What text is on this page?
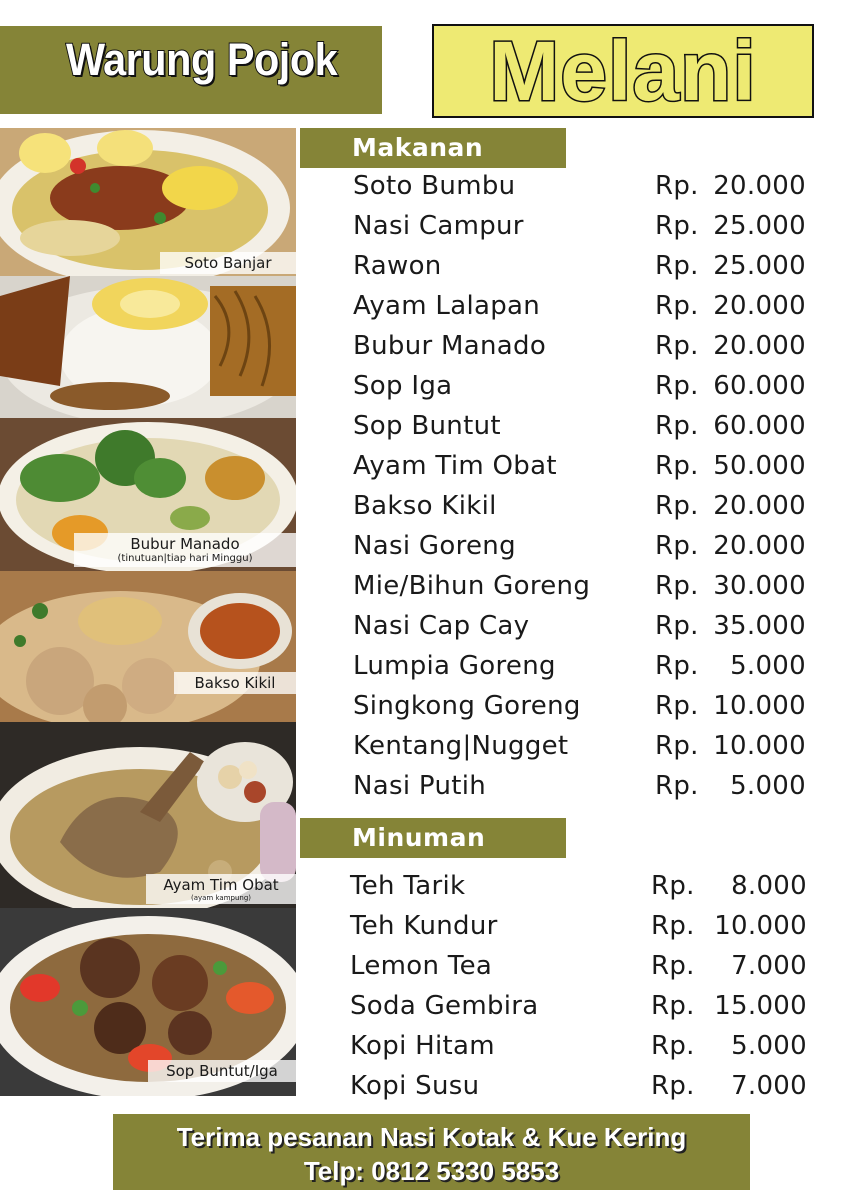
Warung Pojok Melani
Soto Banjar
Bubur Manado
(tinutuan|tiap hari Minggu)
Bakso Kikil
Ayam Tim Obat
(ayam kampung)
Sop Buntut/Iga
Makanan
Soto Bumbu	Rp. 20.000
Nasi Campur	Rp. 25.000
Rawon	Rp. 25.000
Ayam Lalapan	Rp. 20.000
Bubur Manado	Rp. 20.000
Sop Iga	Rp. 60.000
Sop Buntut	Rp. 60.000
Ayam Tim Obat	Rp. 50.000
Bakso Kikil	Rp. 20.000
Nasi Goreng	Rp. 20.000
Mie/Bihun Goreng Rp. 30.000
Nasi Cap Cay	Rp. 35.000
Lumpia Goreng	Rp. 5.000
Singkong Goreng	Rp. 10.000
Kentang|Nugget	Rp. 10.000
Nasi Putih	Rp. 5.000
Minuman
Teh Tarik	Rp. 8.000
Teh Kundur	Rp. 10.000
Lemon Tea	Rp. 7.000
Soda Gembira	Rp. 15.000
Kopi Hitam	Rp. 5.000
Kopi Susu	Rp. 7.000
Terima pesanan Nasi Kotak & Kue Kering
Telp: 0812 5330 5853
